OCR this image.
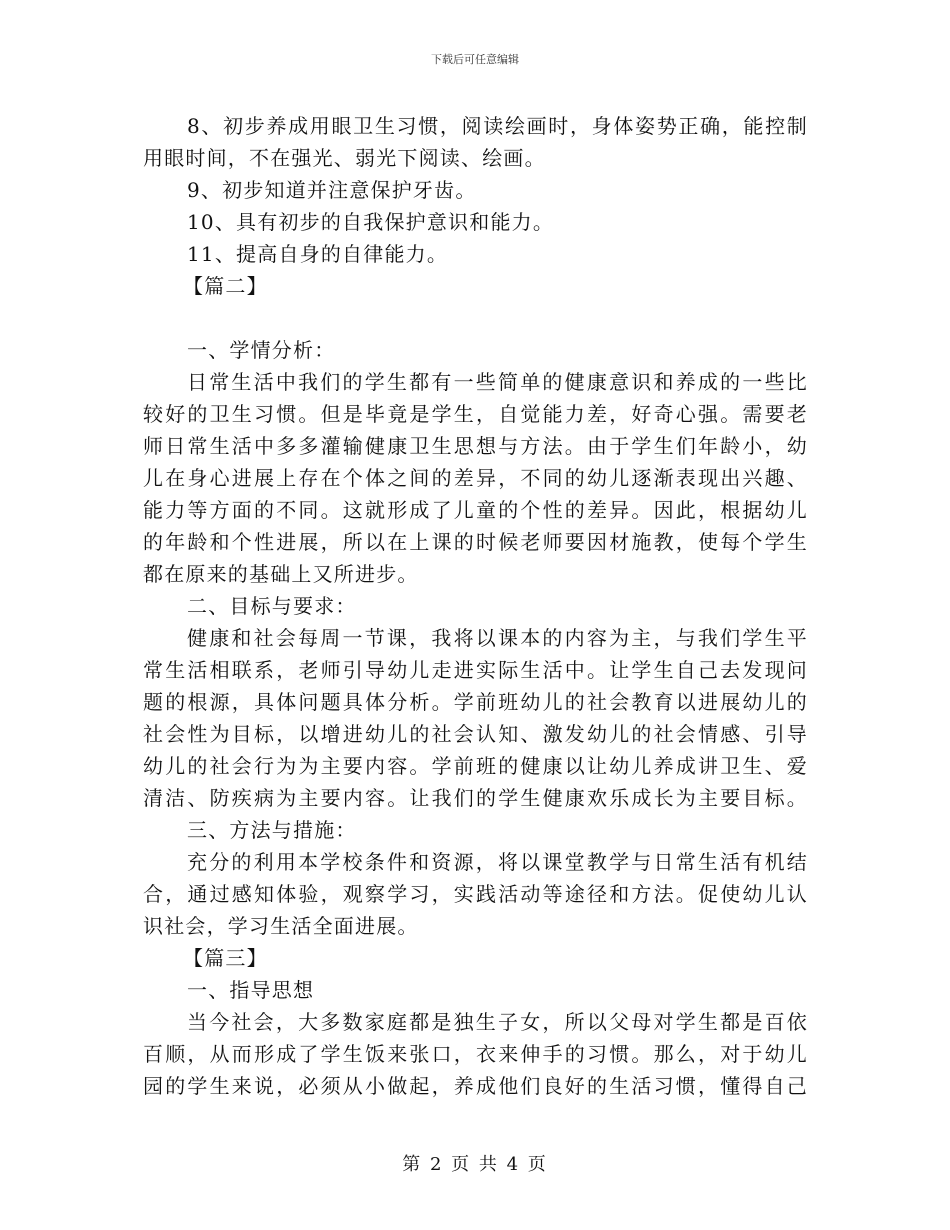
下载后可任意编辑
8、初步养成用眼卫生习惯，阅读绘画时，身体姿势正确，能控制
用眼时间，不在强光、弱光下阅读、绘画。
9、初步知道并注意保护牙齿。
10、具有初步的自我保护意识和能力。
11、提高自身的自律能力。
【篇二】
一、学情分析：
日常生活中我们的学生都有一些简单的健康意识和养成的一些比
较好的卫生习惯。但是毕竟是学生，自觉能力差，好奇心强。需要老
师日常生活中多多灌输健康卫生思想与方法。由于学生们年龄小，幼
儿在身心进展上存在个体之间的差异，不同的幼儿逐渐表现出兴趣、
能力等方面的不同。这就形成了儿童的个性的差异。因此，根据幼儿
的年龄和个性进展，所以在上课的时候老师要因材施教，使每个学生
都在原来的基础上又所进步。
二、目标与要求：
健康和社会每周一节课，我将以课本的内容为主，与我们学生平
常生活相联系，老师引导幼儿走进实际生活中。让学生自己去发现问
题的根源，具体问题具体分析。学前班幼儿的社会教育以进展幼儿的
社会性为目标，以增进幼儿的社会认知、激发幼儿的社会情感、引导
幼儿的社会行为为主要内容。学前班的健康以让幼儿养成讲卫生、爱
清洁、防疾病为主要内容。让我们的学生健康欢乐成长为主要目标。
三、方法与措施：
充分的利用本学校条件和资源，将以课堂教学与日常生活有机结
合，通过感知体验，观察学习，实践活动等途径和方法。促使幼儿认
识社会，学习生活全面进展。
【篇三】
一、指导思想
当今社会，大多数家庭都是独生子女，所以父母对学生都是百依
百顺，从而形成了学生饭来张口，衣来伸手的习惯。那么，对于幼儿
园的学生来说，必须从小做起，养成他们良好的生活习惯，懂得自己
第 2 页 共 4 页
